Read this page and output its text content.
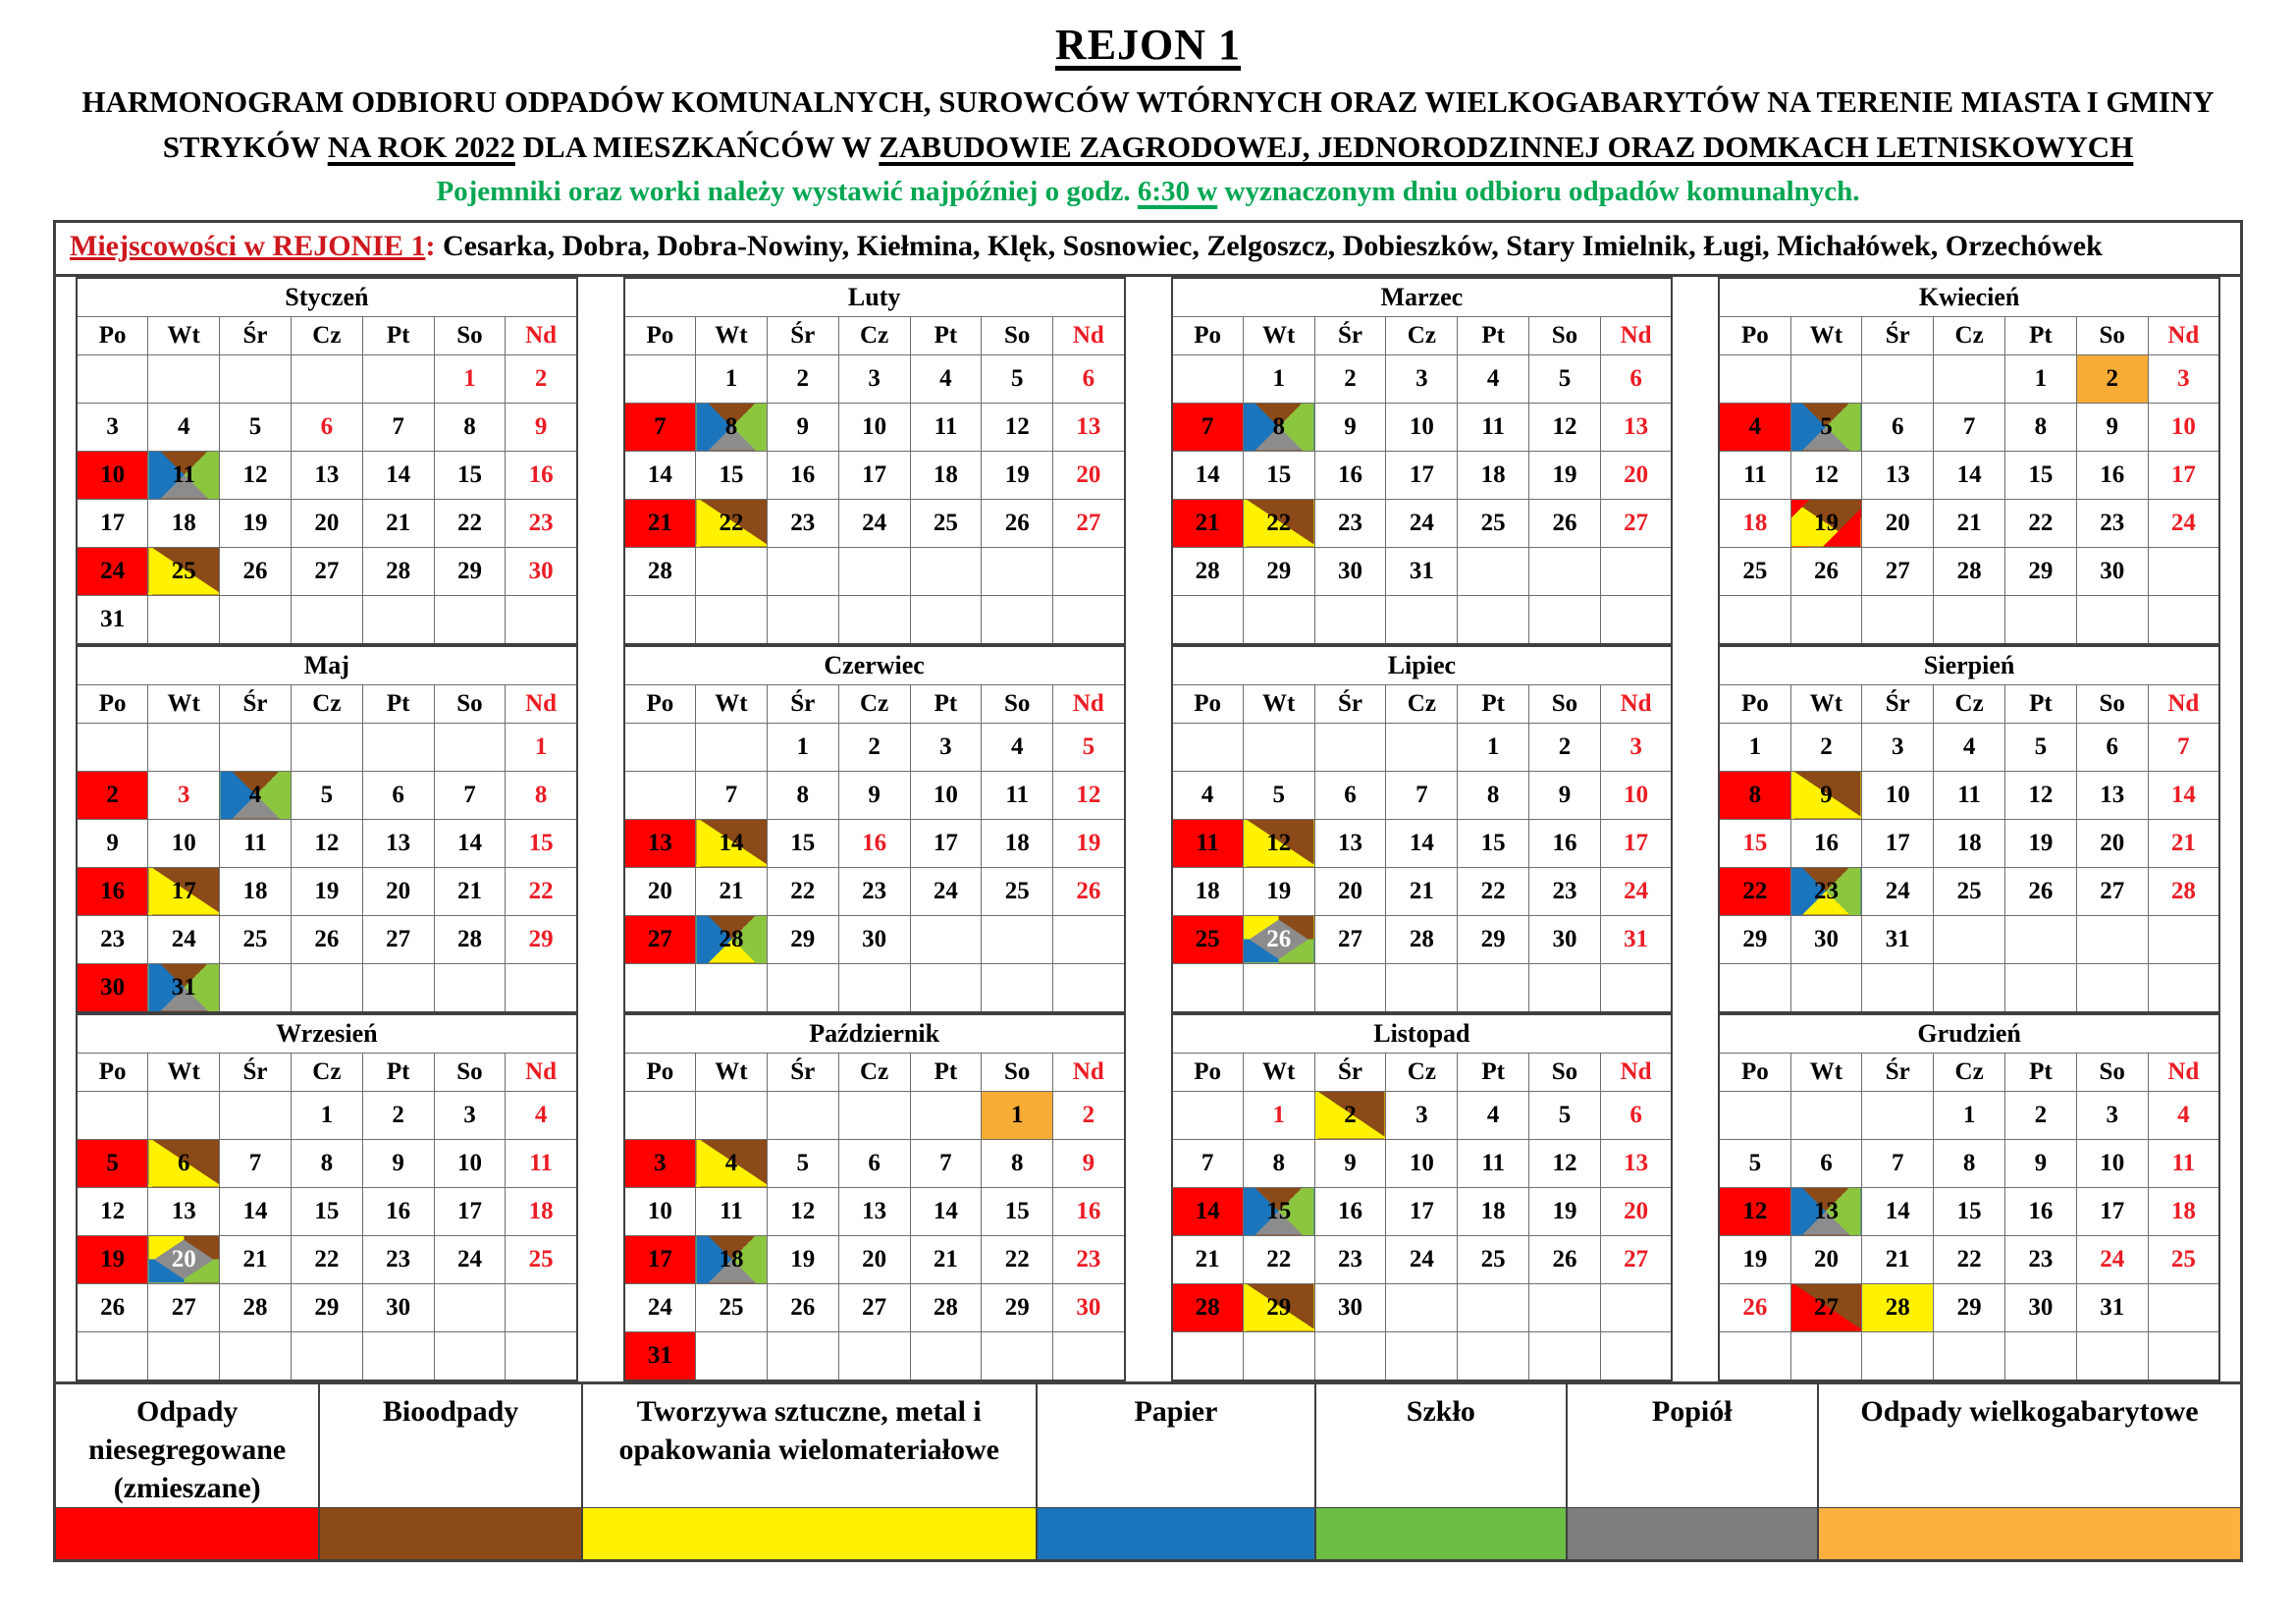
REJON 1

HARMONOGRAM ODBIORU ODPADÓW KOMUNALNYCH, SUROWCÓW WTÓRNYCH ORAZ WIELKOGABARYTÓW NA TERENIE MIASTA I GMINY
STRYKÓW NA ROK 2022 DLA MIESZKAŃCÓW W ZABUDOWIE ZAGRODOWEJ, JEDNORODZINNEJ ORAZ DOMKACH LETNISKOWYCH

Pojemniki oraz worki należy wystawić najpóźniej o godz. 6:30 w wyznaczonym dniu odbioru odpadów komunalnych.

Miejscowości w REJONIE 1: Cesarka, Dobra, Dobra-Nowiny, Kiełmina, Klęk, Sosnowiec, Zelgoszcz, Dobieszków, Stary Imielnik, Ługi, Michałówek, Orzechówek
Styczeń						
Po	Wt	Śr	Cz	Pt	So	Nd
					1	2
3	4	5	6	7	8	9
10	11	12	13	14	15	16
17	18	19	20	21	22	23
24	25	26	27	28	29	30
31						
Luty						
Po	Wt	Śr	Cz	Pt	So	Nd
	1	2	3	4	5	6
7	8	9	10	11	12	13
14	15	16	17	18	19	20
21	22	23	24	25	26	27
28						

Marzec						
Po	Wt	Śr	Cz	Pt	So	Nd
	1	2	3	4	5	6
7	8	9	10	11	12	13
14	15	16	17	18	19	20
21	22	23	24	25	26	27
28	29	30	31			

Kwiecień						
Po	Wt	Śr	Cz	Pt	So	Nd
				1	2	3
4	5	6	7	8	9	10
11	12	13	14	15	16	17
18	19	20	21	22	23	24
25	26	27	28	29	30	

Maj						
Po	Wt	Śr	Cz	Pt	So	Nd
						1
2	3	4	5	6	7	8
9	10	11	12	13	14	15
16	17	18	19	20	21	22
23	24	25	26	27	28	29
30	31					
Czerwiec						
Po	Wt	Śr	Cz	Pt	So	Nd
		1	2	3	4	5
	7	8	9	10	11	12
13	14	15	16	17	18	19
20	21	22	23	24	25	26
27	28	29	30			

Lipiec						
Po	Wt	Śr	Cz	Pt	So	Nd
				1	2	3
4	5	6	7	8	9	10
11	12	13	14	15	16	17
18	19	20	21	22	23	24
25	26	27	28	29	30	31

Sierpień						
Po	Wt	Śr	Cz	Pt	So	Nd
1	2	3	4	5	6	7
8	9	10	11	12	13	14
15	16	17	18	19	20	21
22	23	24	25	26	27	28
29	30	31				

Wrzesień						
Po	Wt	Śr	Cz	Pt	So	Nd
			1	2	3	4
5	6	7	8	9	10	11
12	13	14	15	16	17	18
19	20	21	22	23	24	25
26	27	28	29	30		

Październik						
Po	Wt	Śr	Cz	Pt	So	Nd
					1	2
3	4	5	6	7	8	9
10	11	12	13	14	15	16
17	18	19	20	21	22	23
24	25	26	27	28	29	30
31						
Listopad						
Po	Wt	Śr	Cz	Pt	So	Nd
	1	2	3	4	5	6
7	8	9	10	11	12	13
14	15	16	17	18	19	20
21	22	23	24	25	26	27
28	29	30				

Grudzień						
Po	Wt	Śr	Cz	Pt	So	Nd
			1	2	3	4
5	6	7	8	9	10	11
12	13	14	15	16	17	18
19	20	21	22	23	24	25
26	27	28	29	30	31	

Odpady niesegregowane (zmieszane)
Bioodpady	Tworzywa sztuczne, metal i opakowania wielomateriałowe
Papier	Szkło	Popiół	Odpady wielkogabarytowe
